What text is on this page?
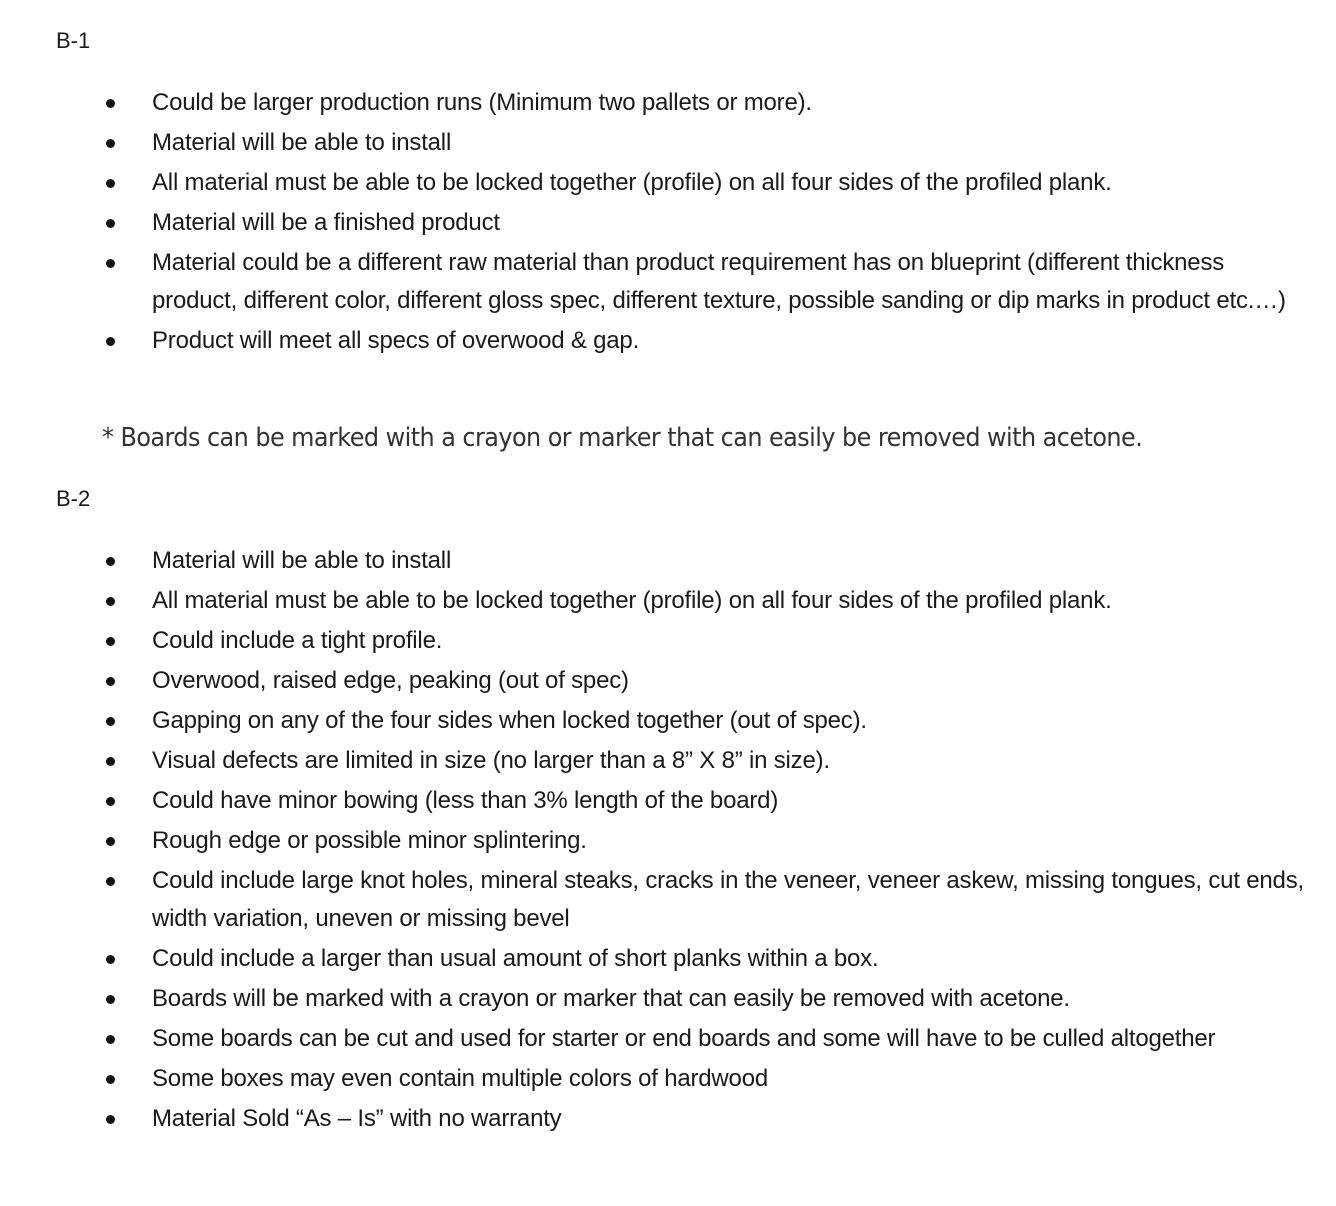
B-1
Could be larger production runs (Minimum two pallets or more).
Material will be able to install
All material must be able to be locked together (profile) on all four sides of the profiled plank.
Material will be a finished product
Material could be a different raw material than product requirement has on blueprint (different thickness product, different color, different gloss spec, different texture, possible sanding or dip marks in product etc.…)
Product will meet all specs of overwood & gap.
* Boards can be marked with a crayon or marker that can easily be removed with acetone.
B-2
Material will be able to install
All material must be able to be locked together (profile) on all four sides of the profiled plank.
Could include a tight profile.
Overwood, raised edge, peaking (out of spec)
Gapping on any of the four sides when locked together (out of spec).
Visual defects are limited in size (no larger than a 8” X 8” in size).
Could have minor bowing (less than 3% length of the board)
Rough edge or possible minor splintering.
Could include large knot holes, mineral steaks, cracks in the veneer, veneer askew, missing tongues, cut ends, width variation, uneven or missing bevel
Could include a larger than usual amount of short planks within a box.
Boards will be marked with a crayon or marker that can easily be removed with acetone.
Some boards can be cut and used for starter or end boards and some will have to be culled altogether
Some boxes may even contain multiple colors of hardwood
Material Sold “As – Is” with no warranty
